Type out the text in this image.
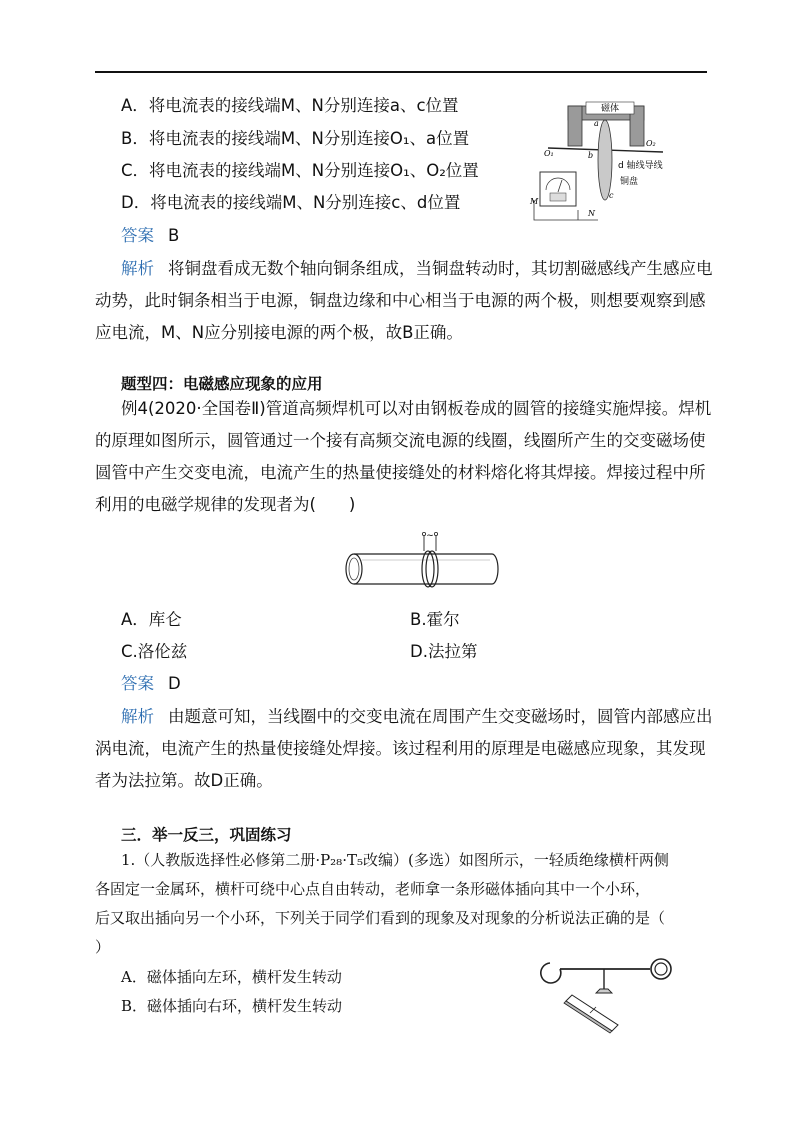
A．将电流表的接线端M、N分别连接a、c位置
B．将电流表的接线端M、N分别连接O₁、a位置
C．将电流表的接线端M、N分别连接O₁、O₂位置
D．将电流表的接线端M、N分别连接c、d位置
答案 B
解析 将铜盘看成无数个轴向铜条组成，当铜盘转动时，其切割磁感线产生感应电
动势，此时铜条相当于电源，铜盘边缘和中心相当于电源的两个极，则想要观察到感
应电流，M、N应分别接电源的两个极，故B正确。
磁体
a
b
c
d 轴线导线
铜盘
O₁
O₂
M
N
题型四：电磁感应现象的应用
例4(2020·全国卷Ⅱ)管道高频焊机可以对由钢板卷成的圆管的接缝实施焊接。焊机
的原理如图所示，圆管通过一个接有高频交流电源的线圈，线圈所产生的交变磁场使
圆管中产生交变电流，电流产生的热量使接缝处的材料熔化将其焊接。焊接过程中所
利用的电磁学规律的发现者为(　　)
~
A．库仑	B.霍尔
C.洛伦兹	D.法拉第
答案 D
解析 由题意可知，当线圈中的交变电流在周围产生交变磁场时，圆管内部感应出
涡电流，电流产生的热量使接缝处焊接。该过程利用的原理是电磁感应现象，其发现
者为法拉第。故D正确。
三．举一反三，巩固练习
1.（人教版选择性必修第二册·P₂₈·T₅改编）(多选）如图所示，一轻质绝缘横杆两侧
各固定一金属环，横杆可绕中心点自由转动，老师拿一条形磁体插向其中一个小环，
后又取出插向另一个小环，下列关于同学们看到的现象及对现象的分析说法正确的是（
）
A．磁体插向左环，横杆发生转动
B．磁体插向右环，横杆发生转动
